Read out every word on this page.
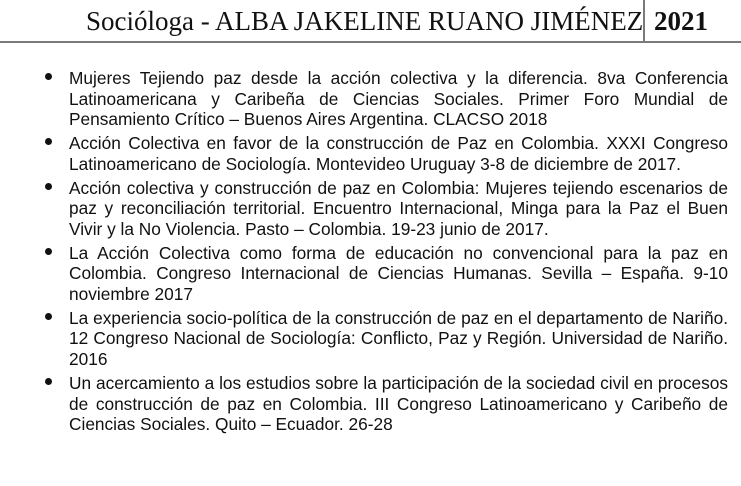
Socióloga - ALBA JAKELINE RUANO JIMÉNEZ 2021
Mujeres Tejiendo paz desde la acción colectiva y la diferencia. 8va Conferencia Latinoamericana y Caribeña de Ciencias Sociales. Primer Foro Mundial de Pensamiento Crítico – Buenos Aires Argentina. CLACSO 2018
Acción Colectiva en favor de la construcción de Paz en Colombia. XXXI Congreso Latinoamericano de Sociología. Montevideo Uruguay 3-8 de diciembre de 2017.
Acción colectiva y construcción de paz en Colombia: Mujeres tejiendo escenarios de paz y reconciliación territorial. Encuentro Internacional, Minga para la Paz el Buen Vivir y la No Violencia. Pasto – Colombia. 19-23 junio de 2017.
La Acción Colectiva como forma de educación no convencional para la paz en Colombia. Congreso Internacional de Ciencias Humanas. Sevilla – España. 9-10 noviembre 2017
La experiencia socio-política de la construcción de paz en el departamento de Nariño. 12 Congreso Nacional de Sociología: Conflicto, Paz y Región. Universidad de Nariño. 2016
Un acercamiento a los estudios sobre la participación de la sociedad civil en procesos de construcción de paz en Colombia. III Congreso Latinoamericano y Caribeño de Ciencias Sociales. Quito – Ecuador. 26-28
